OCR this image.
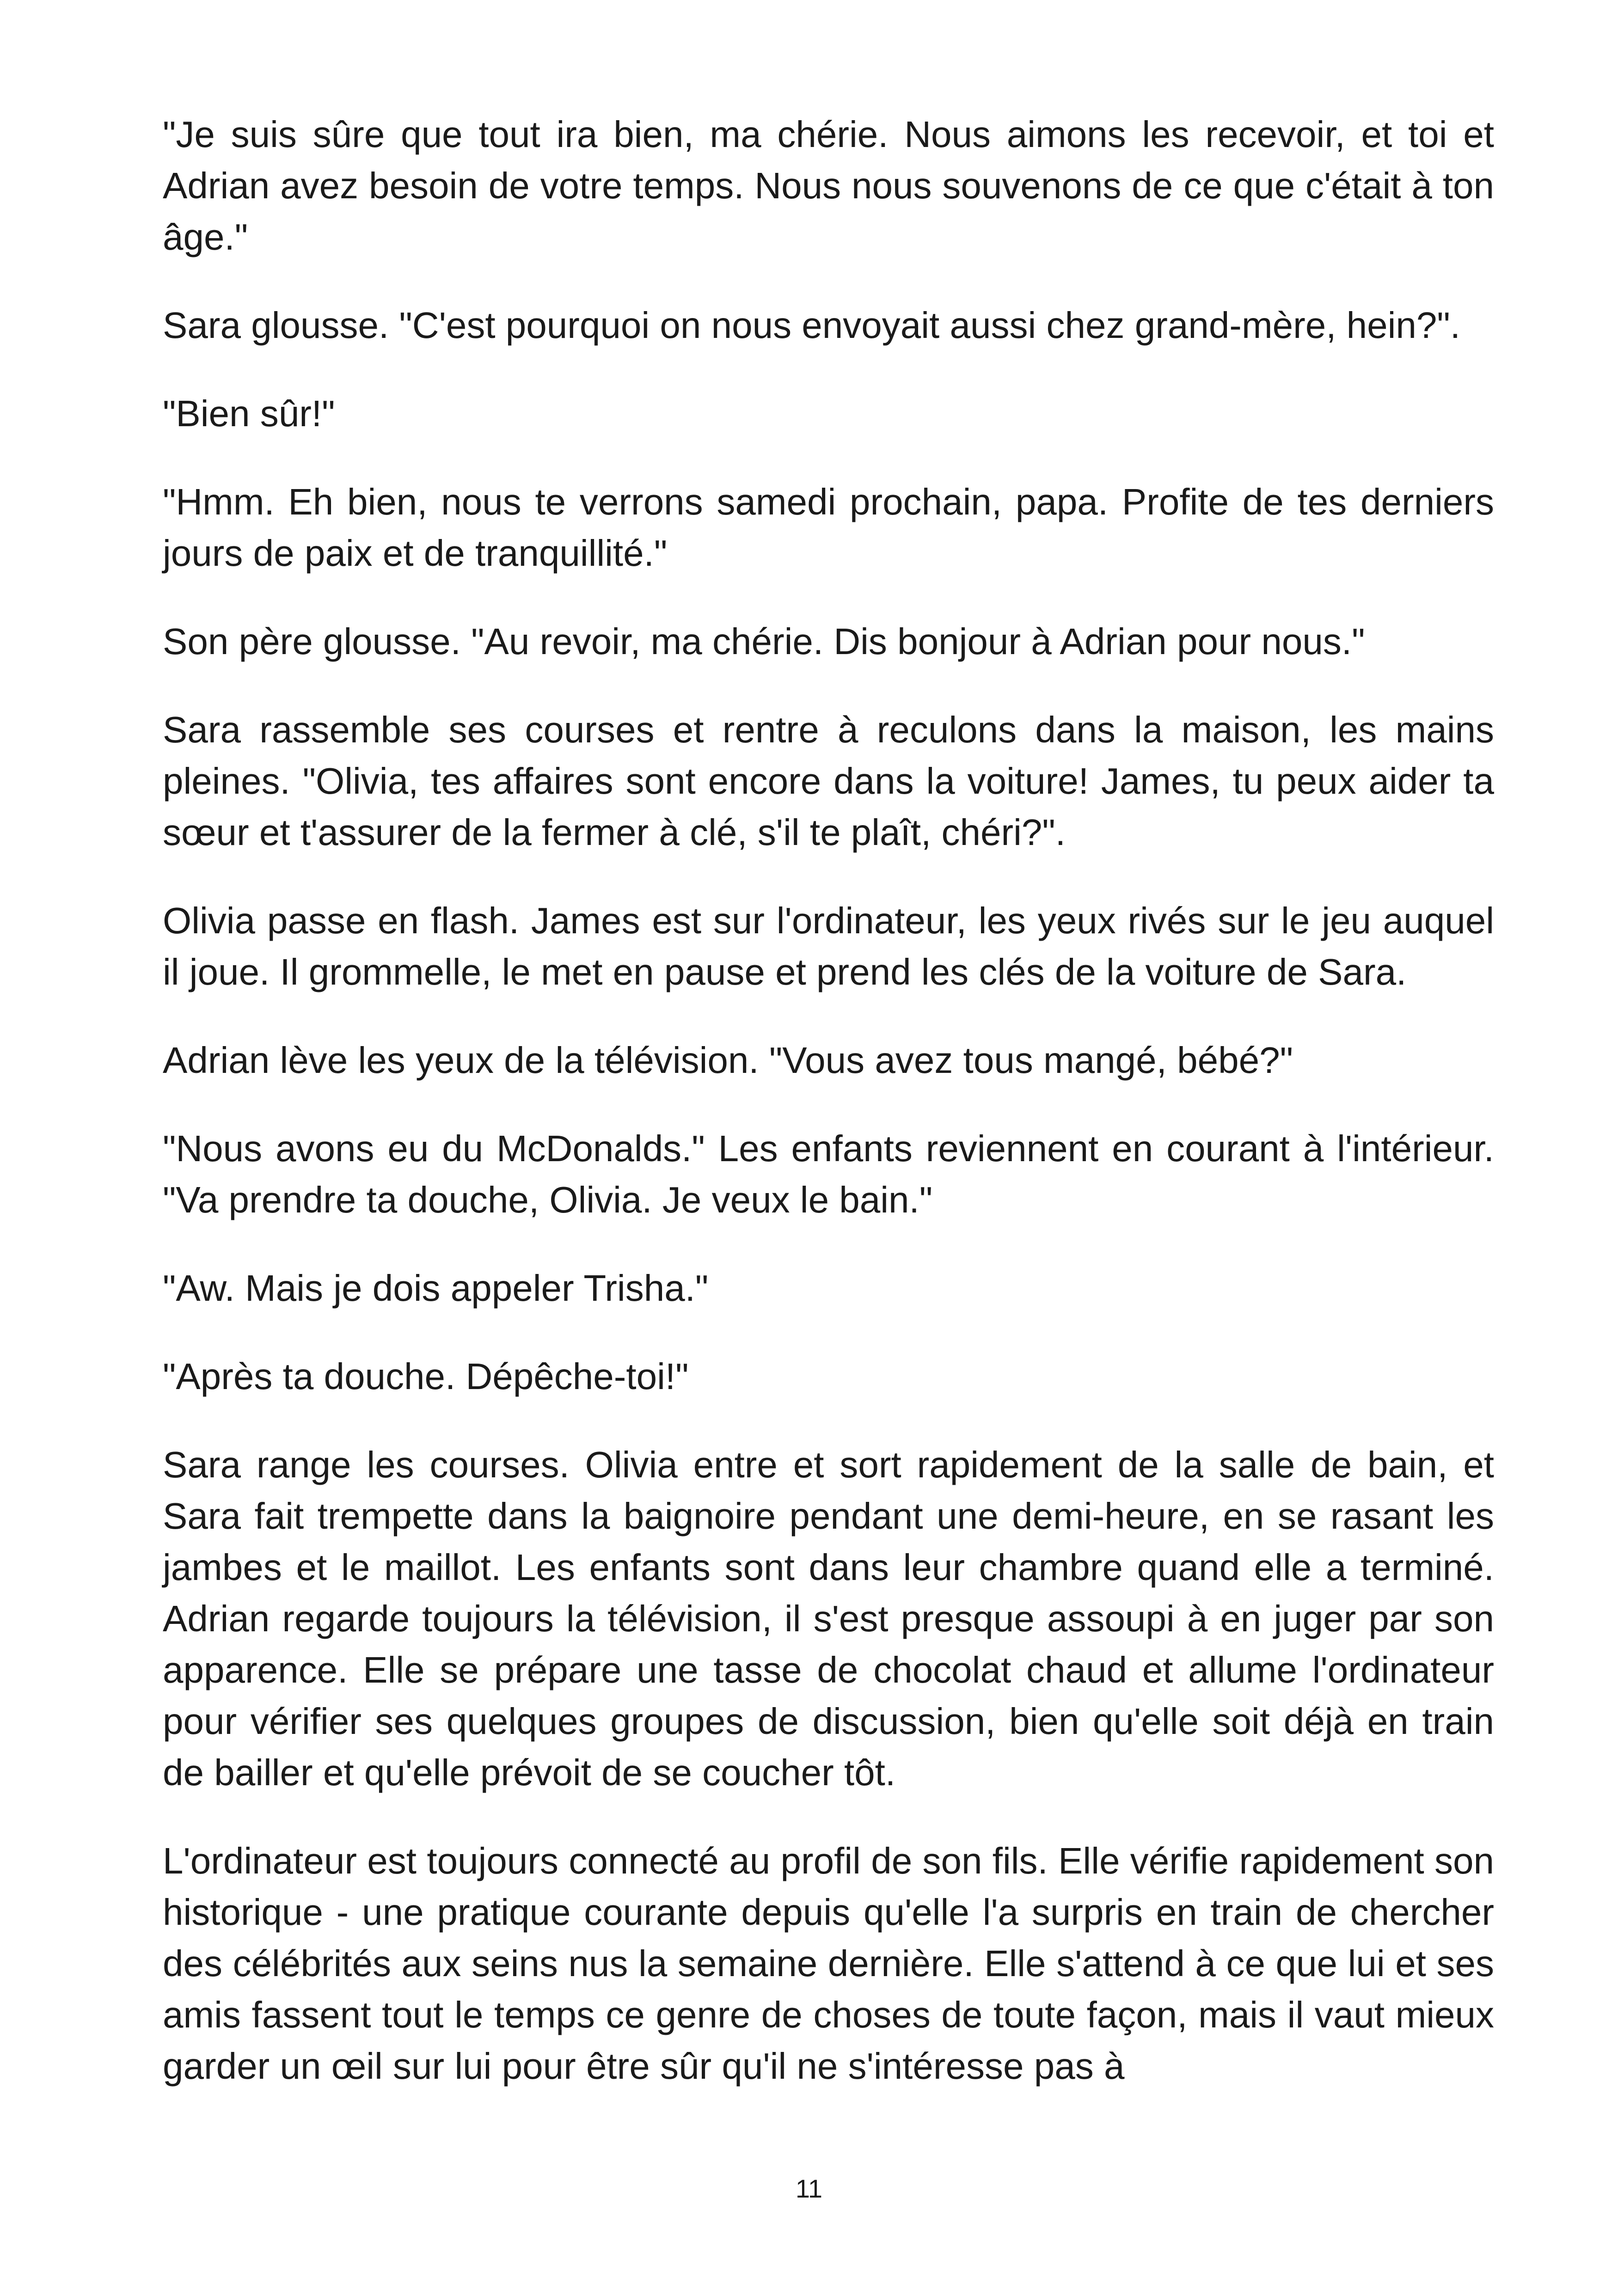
"Je suis sûre que tout ira bien, ma chérie. Nous aimons les recevoir, et toi et Adrian avez besoin de votre temps. Nous nous souvenons de ce que c'était à ton âge."

Sara glousse. "C'est pourquoi on nous envoyait aussi chez grand-mère, hein?".

"Bien sûr!"

"Hmm. Eh bien, nous te verrons samedi prochain, papa. Profite de tes derniers jours de paix et de tranquillité."

Son père glousse. "Au revoir, ma chérie. Dis bonjour à Adrian pour nous."

Sara rassemble ses courses et rentre à reculons dans la maison, les mains pleines. "Olivia, tes affaires sont encore dans la voiture! James, tu peux aider ta sœur et t'assurer de la fermer à clé, s'il te plaît, chéri?".

Olivia passe en flash. James est sur l'ordinateur, les yeux rivés sur le jeu auquel il joue. Il grommelle, le met en pause et prend les clés de la voiture de Sara.

Adrian lève les yeux de la télévision. "Vous avez tous mangé, bébé?"

"Nous avons eu du McDonalds." Les enfants reviennent en courant à l'intérieur. "Va prendre ta douche, Olivia. Je veux le bain."

"Aw. Mais je dois appeler Trisha."

"Après ta douche. Dépêche-toi!"

Sara range les courses. Olivia entre et sort rapidement de la salle de bain, et Sara fait trempette dans la baignoire pendant une demi-heure, en se rasant les jambes et le maillot. Les enfants sont dans leur chambre quand elle a terminé. Adrian regarde toujours la télévision, il s'est presque assoupi à en juger par son apparence. Elle se prépare une tasse de chocolat chaud et allume l'ordinateur pour vérifier ses quelques groupes de discussion, bien qu'elle soit déjà en train de bailler et qu'elle prévoit de se coucher tôt.

L'ordinateur est toujours connecté au profil de son fils. Elle vérifie rapidement son historique - une pratique courante depuis qu'elle l'a surpris en train de chercher des célébrités aux seins nus la semaine dernière. Elle s'attend à ce que lui et ses amis fassent tout le temps ce genre de choses de toute façon, mais il vaut mieux garder un œil sur lui pour être sûr qu'il ne s'intéresse pas à

11
